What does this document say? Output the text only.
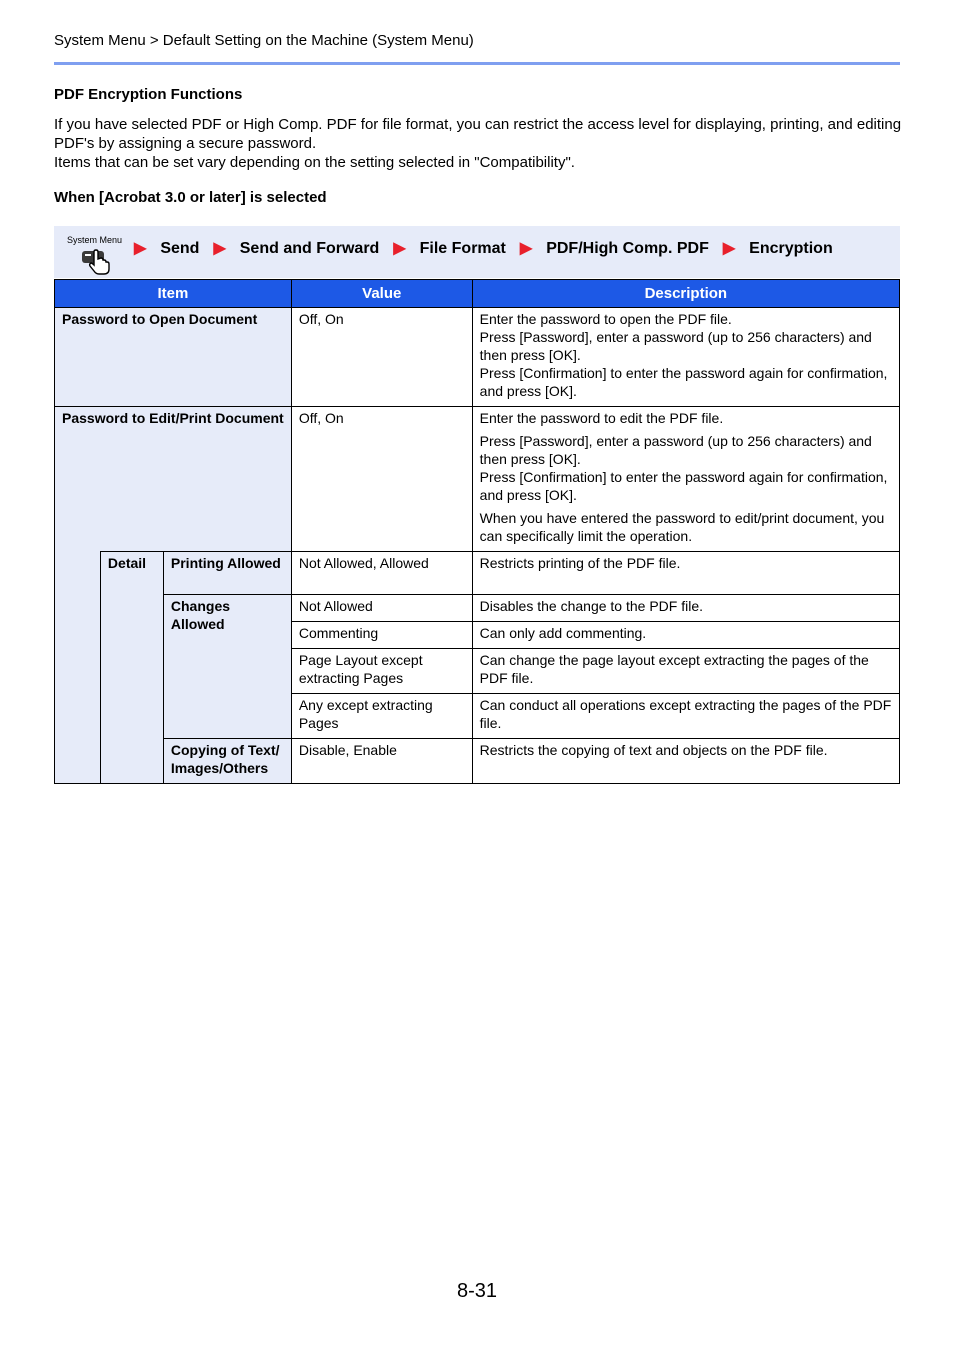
System Menu > Default Setting on the Machine (System Menu)
PDF Encryption Functions

If you have selected PDF or High Comp. PDF for file format, you can restrict the access level for displaying, printing, and editing PDF's by assigning a secure password.

Items that can be set vary depending on the setting selected in "Compatibility".

When [Acrobat 3.0 or later] is selected
System Menu ▶ Send ▶ Send and Forward ▶ File Format ▶ PDF/High Comp. PDF ▶ Encryption
Item			Value	Description
Password to Open Document			Off, On	Enter the password to open the PDF file.

Press [Password], enter a password (up to 256 characters) and then press [OK].

Press [Confirmation] to enter the password again for confirmation, and press [OK].

Password to Edit/Print Document			Off, On	Enter the password to edit the PDF file.

Press [Password], enter a password (up to 256 characters) and then press [OK].

Press [Confirmation] to enter the password again for confirmation, and press [OK].

When you have entered the password to edit/print document, you can specifically limit the operation.

	Detail	Printing Allowed	Not Allowed, Allowed	Restricts printing of the PDF file.
		Changes Allowed	Not Allowed	Disables the change to the PDF file.
			Commenting	Can only add commenting.
			Page Layout except extracting Pages	Can change the page layout except extracting the pages of the PDF file.
			Any except extracting Pages	Can conduct all operations except extracting the pages of the PDF file.
		Copying of Text/ Images/Others	Disable, Enable	Restricts the copying of text and objects on the PDF file.
8-31
